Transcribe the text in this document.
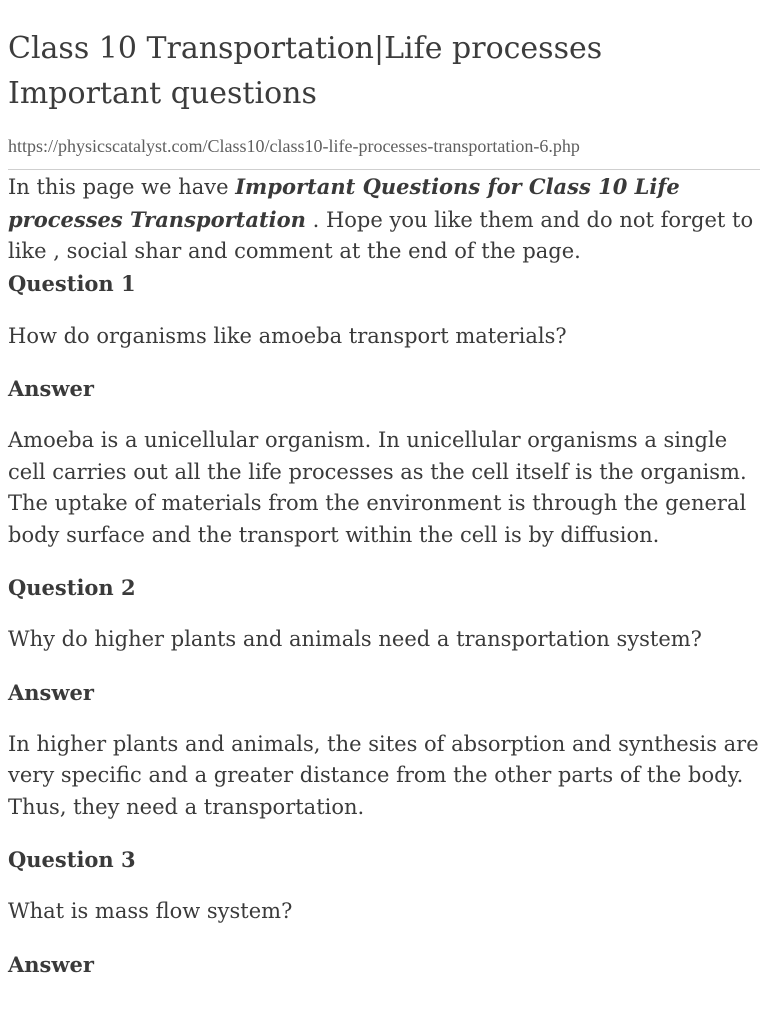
Class 10 Transportation|Life processes Important questions
https://physicscatalyst.com/Class10/class10-life-processes-transportation-6.php

In this page we have Important Questions for Class 10 Life processes Transportation . Hope you like them and do not forget to like , social shar and comment at the end of the page.

Question 1

How do organisms like amoeba transport materials?

Answer

Amoeba is a unicellular organism. In unicellular organisms a single cell carries out all the life processes as the cell itself is the organism. The uptake of materials from the environment is through the general body surface and the transport within the cell is by diffusion.

Question 2

Why do higher plants and animals need a transportation system?

Answer

In higher plants and animals, the sites of absorption and synthesis are very specific and a greater distance from the other parts of the body. Thus, they need a transportation.

Question 3

What is mass flow system?

Answer
